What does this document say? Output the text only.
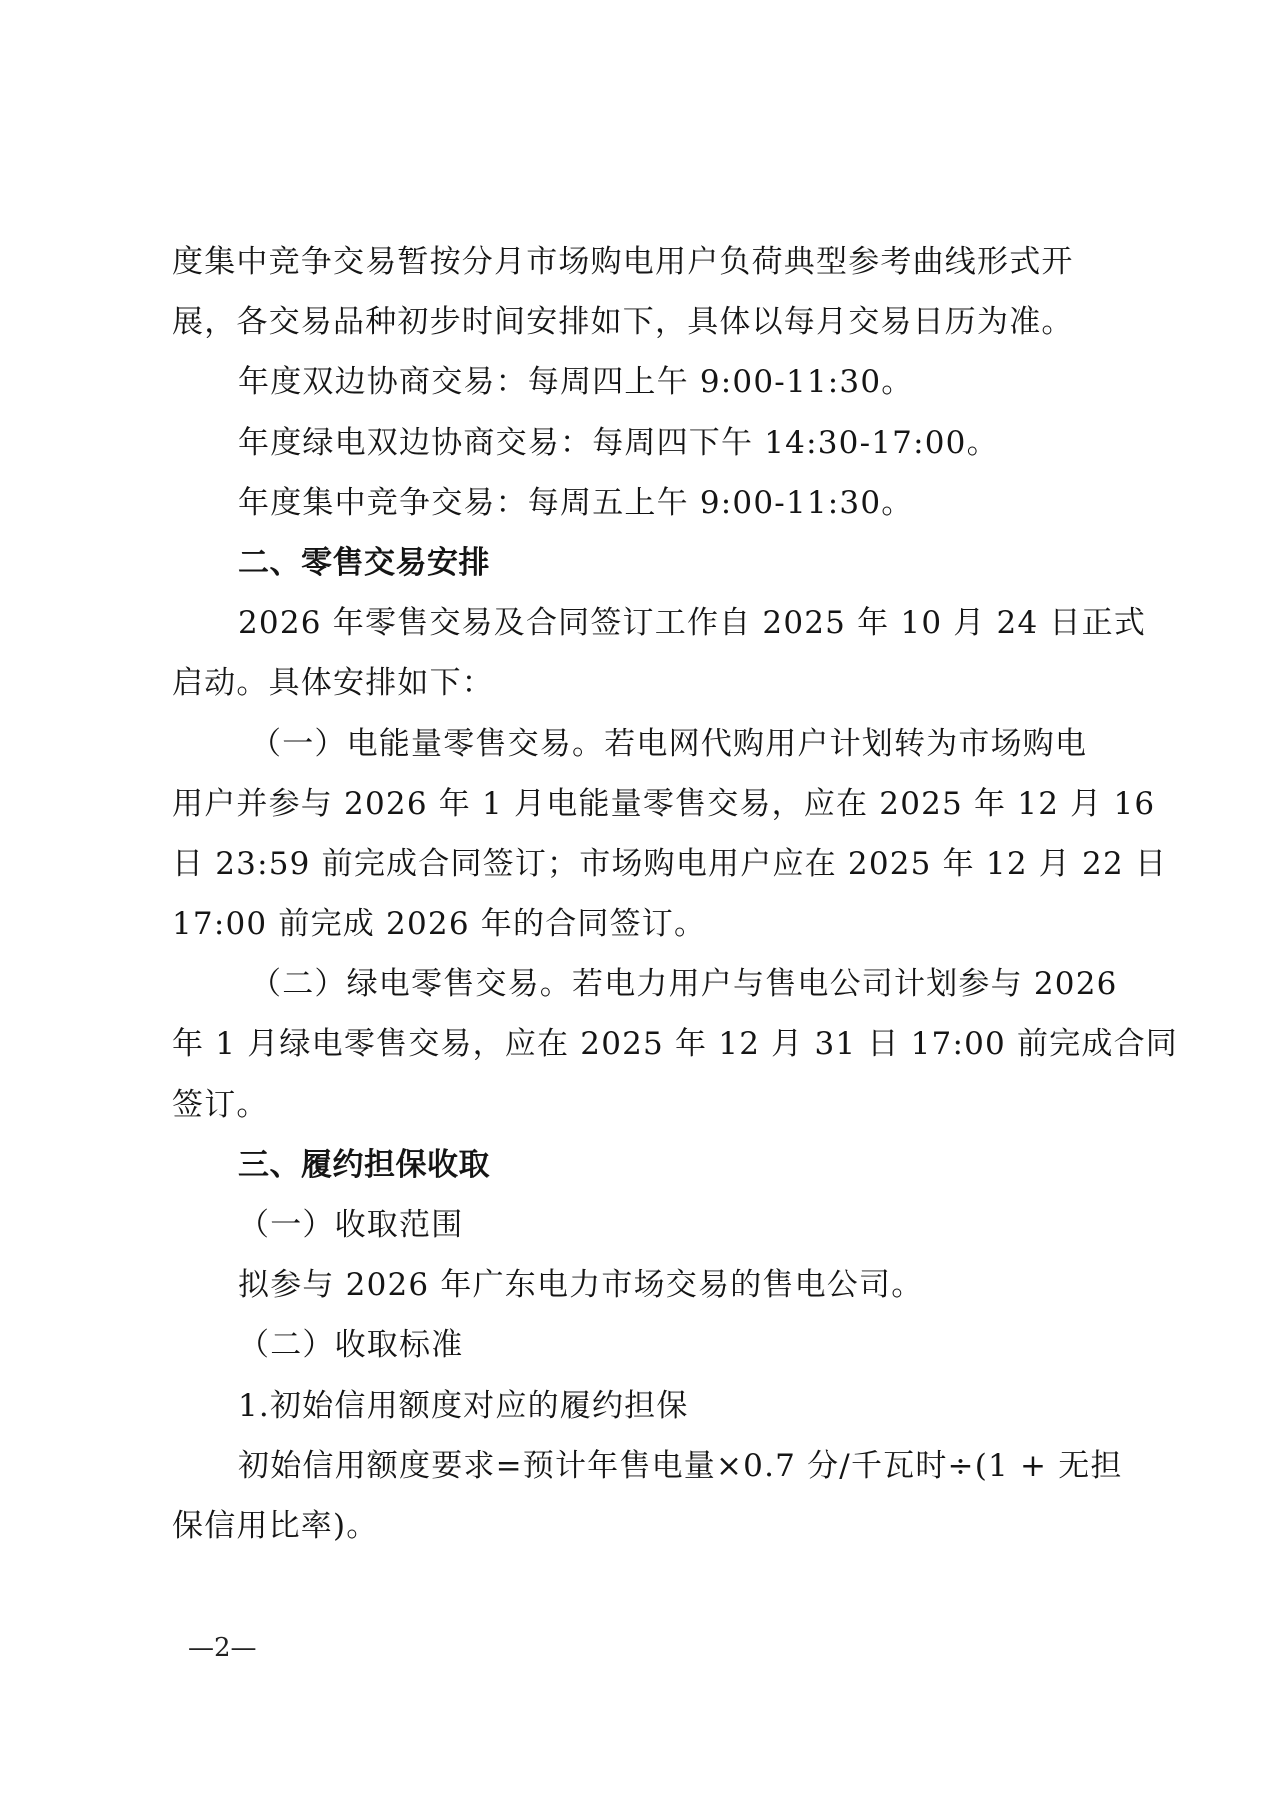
度集中竞争交易暂按分月市场购电用户负荷典型参考曲线形式开
展，各交易品种初步时间安排如下，具体以每月交易日历为准。
年度双边协商交易：每周四上午 9:00-11:30。
年度绿电双边协商交易：每周四下午 14:30-17:00。
年度集中竞争交易：每周五上午 9:00-11:30。
二、零售交易安排
2026 年零售交易及合同签订工作自 2025 年 10 月 24 日正式
启动。具体安排如下：
（一）电能量零售交易。若电网代购用户计划转为市场购电
用户并参与 2026 年 1 月电能量零售交易，应在 2025 年 12 月 16
日 23:59 前完成合同签订；市场购电用户应在 2025 年 12 月 22 日
17:00 前完成 2026 年的合同签订。
（二）绿电零售交易。若电力用户与售电公司计划参与 2026
年 1 月绿电零售交易，应在 2025 年 12 月 31 日 17:00 前完成合同
签订。
三、履约担保收取
（一）收取范围
拟参与 2026 年广东电力市场交易的售电公司。
（二）收取标准
1.初始信用额度对应的履约担保
初始信用额度要求=预计年售电量×0.7 分/千瓦时÷(1 + 无担
保信用比率)。
—2—
